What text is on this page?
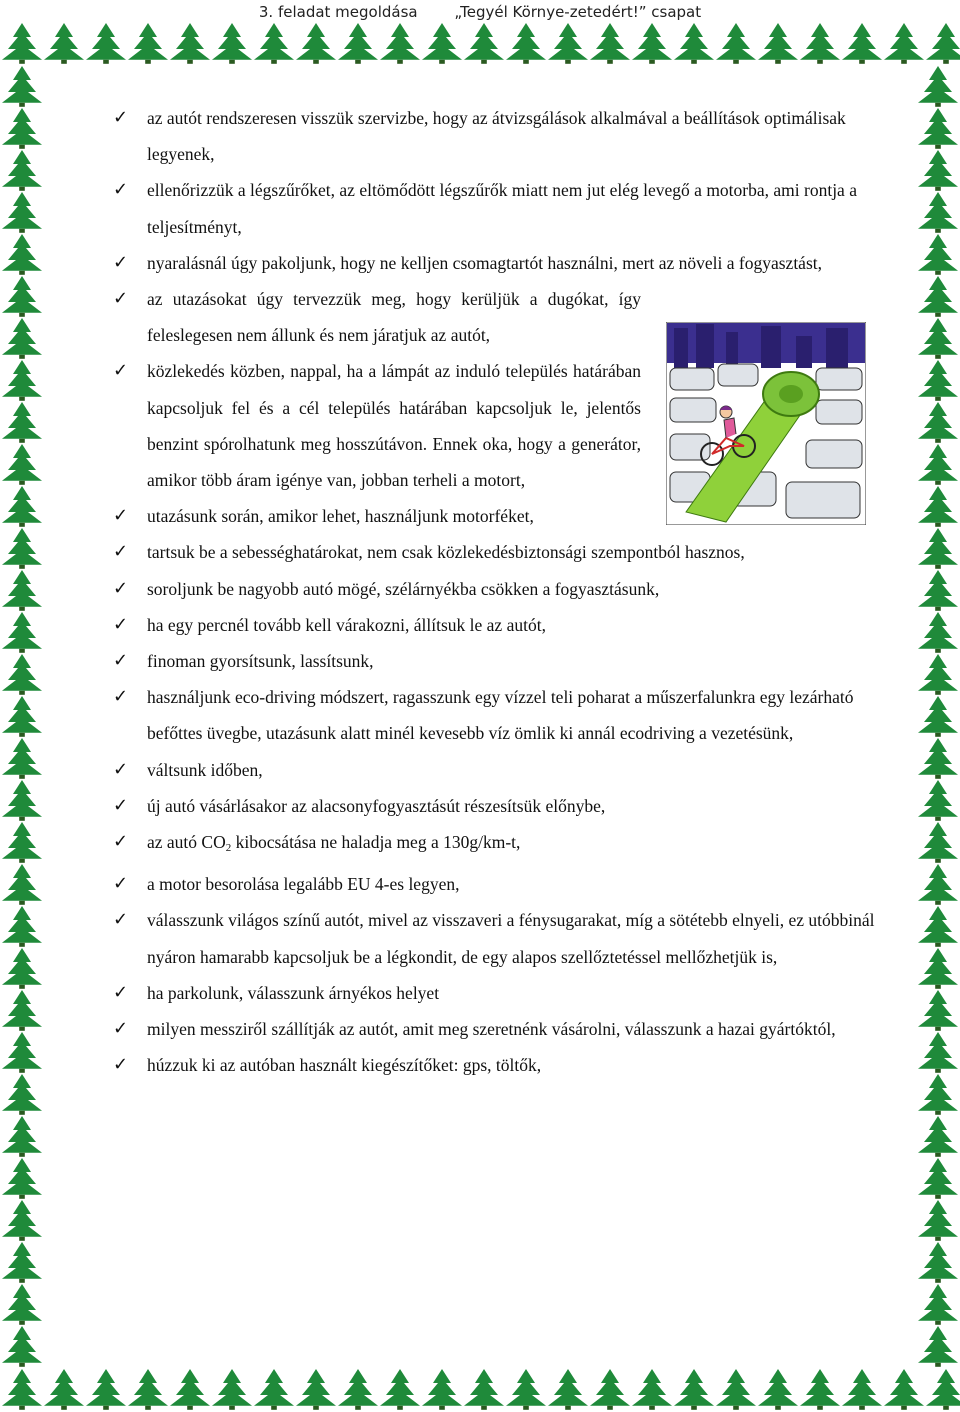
3. feladat megoldása „Tegyél Környe-zetedért!” csapat

✓ az autót rendszeresen visszük szervizbe, hogy az átvizsgálások alkalmával a beállítások optimálisak legyenek,

✓ ellenőrizzük a légszűrőket, az eltömődött légszűrők miatt nem jut elég levegő a motorba, ami rontja a teljesítményt,

✓ nyaralásnál úgy pakoljunk, hogy ne kelljen csomagtartót használni, mert az növeli a fogyasztást,

✓ az utazásokat úgy tervezzük meg, hogy kerüljük a dugókat, így feleslegesen nem állunk és nem járatjuk az autót,

✓ közlekedés közben, nappal, ha a lámpát az induló település határában kapcsoljuk fel és a cél település határában kapcsoljuk le, jelentős benzint spórolhatunk meg hosszútávon. Ennek oka, hogy a generátor, amikor több áram igénye van, jobban terheli a motort,

✓ utazásunk során, amikor lehet, használjunk motorféket,

✓ tartsuk be a sebességhatárokat, nem csak közlekedésbiztonsági szempontból hasznos,

✓ soroljunk be nagyobb autó mögé, szélárnyékba csökken a fogyasztásunk,

✓ ha egy percnél tovább kell várakozni, állítsuk le az autót,

✓ finoman gyorsítsunk, lassítsunk,

✓ használjunk eco-driving módszert, ragasszunk egy vízzel teli poharat a műszerfalunkra egy lezárható befőttes üvegbe, utazásunk alatt minél kevesebb víz ömlik ki annál ecodriving a vezetésünk,

✓ váltsunk időben,

✓ új autó vásárlásakor az alacsonyfogyasztásút részesítsük előnybe,

✓ az autó $CO_2$ kibocsátása ne haladja meg a 130g/km-t,

✓ a motor besorolása legalább EU 4-es legyen,

✓ válasszunk világos színű autót, mivel az visszaveri a fénysugarakat, míg a sötétebb elnyeli, ez utóbbinál nyáron hamarabb kapcsoljuk be a légkondit, de egy alapos szellőztetéssel mellőzhetjük is,

✓ ha parkolunk, válasszunk árnyékos helyet

✓ milyen messziről szállítják az autót, amit meg szeretnénk vásárolni, válasszunk a hazai gyártóktól,

✓ húzzuk ki az autóban használt kiegészítőket: gps, töltők,
